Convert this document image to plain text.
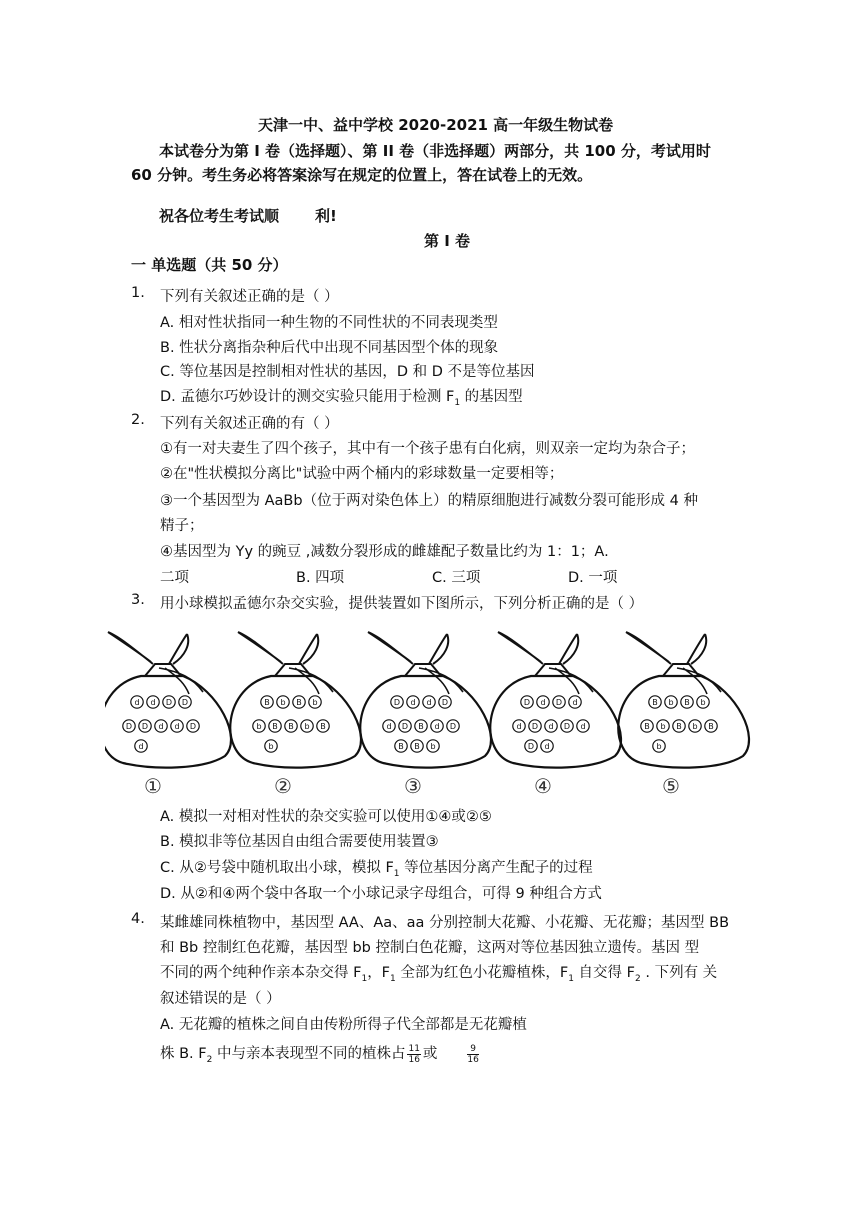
天津一中、益中学校 2020-2021 高一年级生物试卷
本试卷分为第 I 卷（选择题）、第 II 卷（非选择题）两部分，共 100 分，考试用时
60 分钟。考生务必将答案涂写在规定的位置上，答在试卷上的无效。
祝各位考生考试顺 利!
第 I 卷
一 单选题（共 50 分）
1. 下列有关叙述正确的是（ ）
A. 相对性状指同一种生物的不同性状的不同表现类型
B. 性状分离指杂种后代中出现不同基因型个体的现象
C. 等位基因是控制相对性状的基因，D 和 D 不是等位基因
D. 孟德尔巧妙设计的测交实验只能用于检测 $F_1$ 的基因型
2. 下列有关叙述正确的有（ ）
①有一对夫妻生了四个孩子，其中有一个孩子患有白化病，则双亲一定均为杂合子；
②在"性状模拟分离比"试验中两个桶内的彩球数量一定要相等；
③一个基因型为 AaBb（位于两对染色体上）的精原细胞进行减数分裂可能形成 4 种
精子；
④基因型为 Yy 的豌豆 ,减数分裂形成的雌雄配子数量比约为 1：1；A.
二项	B. 四项	C. 三项	D. 一项
3. 用小球模拟孟德尔杂交实验，提供装置如下图所示，下列分析正确的是（ ）
d d D D
D D d d D
d
①
B b B b
b B B b B
b
②
D d d D
d D B d D
B B b
③
D d D d
d D d D d
D d
④
B b B b
B b B b B
b
⑤
A. 模拟一对相对性状的杂交实验可以使用①④或②⑤
B. 模拟非等位基因自由组合需要使用装置③
C. 从②号袋中随机取出小球，模拟 $F_1$ 等位基因分离产生配子的过程
D. 从②和④两个袋中各取一个小球记录字母组合，可得 9 种组合方式
4. 某雌雄同株植物中，基因型 AA、Aa、aa 分别控制大花瓣、小花瓣、无花瓣；基因型 BB
和 Bb 控制红色花瓣，基因型 bb 控制白色花瓣，这两对等位基因独立遗传。基因 型
不同的两个纯种作亲本杂交得 $F_1$，$F_1$ 全部为红色小花瓣植株，$F_1$ 自交得 $F_2$ . 下列有 关
叙述错误的是（ ）
A. 无花瓣的植株之间自由传粉所得子代全部都是无花瓣植
株 B. $F_2$ 中与亲本表现型不同的植株占 $\frac{11}{16}$ 或	$\frac{9}{16}$
